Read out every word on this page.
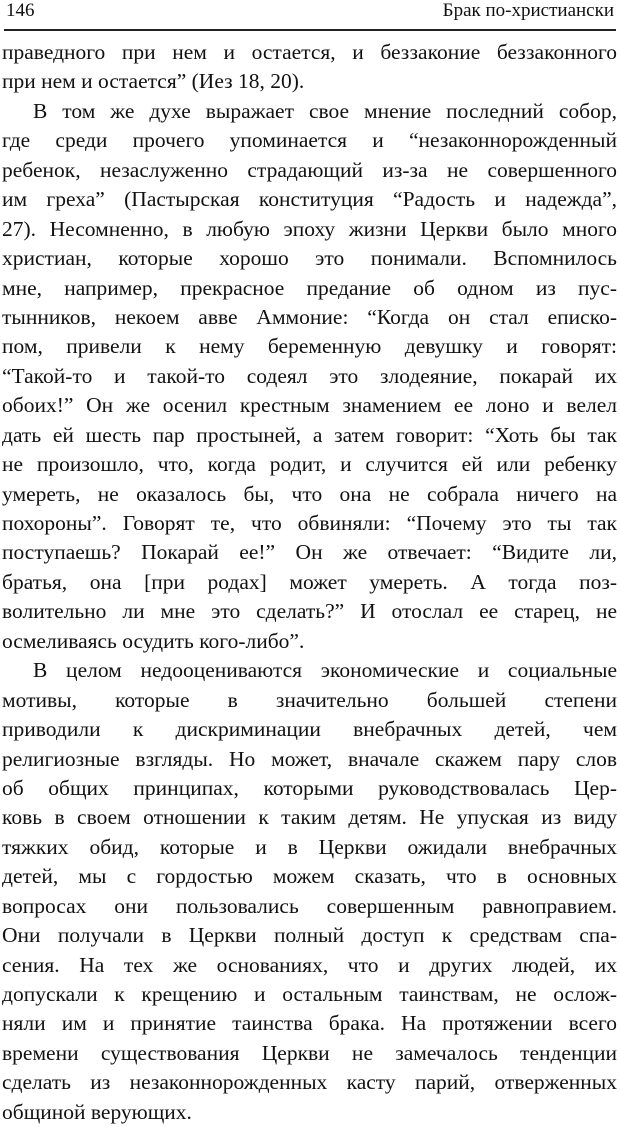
146	Брак по-христиански
праведного при нем и остается, и беззаконие беззаконного
при нем и остается” (Иез 18, 20).
В том же духе выражает свое мнение последний собор,
где среди прочего упоминается и “незаконнорожденный
ребенок, незаслуженно страдающий из-за не совершенного
им греха” (Пастырская конституция “Радость и надежда”,
27). Несомненно, в любую эпоху жизни Церкви было много
христиан, которые хорошо это понимали. Вспомнилось
мне, например, прекрасное предание об одном из пус-
тынников, некоем авве Аммоние: “Когда он стал еписко-
пом, привели к нему беременную девушку и говорят:
“Такой-то и такой-то содеял это злодеяние, покарай их
обоих!” Он же осенил крестным знамением ее лоно и велел
дать ей шесть пар простыней, а затем говорит: “Хоть бы так
не произошло, что, когда родит, и случится ей или ребенку
умереть, не оказалось бы, что она не собрала ничего на
похороны”. Говорят те, что обвиняли: “Почему это ты так
поступаешь? Покарай ее!” Он же отвечает: “Видите ли,
братья, она [при родах] может умереть. А тогда поз-
волительно ли мне это сделать?” И отослал ее старец, не
осмеливаясь осудить кого-либо”.
В целом недооцениваются экономические и социальные
мотивы, которые в значительно большей степени
приводили к дискриминации внебрачных детей, чем
религиозные взгляды. Но может, вначале скажем пару слов
об общих принципах, которыми руководствовалась Цер-
ковь в своем отношении к таким детям. Не упуская из виду
тяжких обид, которые и в Церкви ожидали внебрачных
детей, мы с гордостью можем сказать, что в основных
вопросах они пользовались совершенным равноправием.
Они получали в Церкви полный доступ к средствам спа-
сения. На тех же основаниях, что и других людей, их
допускали к крещению и остальным таинствам, не ослож-
няли им и принятие таинства брака. На протяжении всего
времени существования Церкви не замечалось тенденции
сделать из незаконнорожденных касту парий, отверженных
общиной верующих.
